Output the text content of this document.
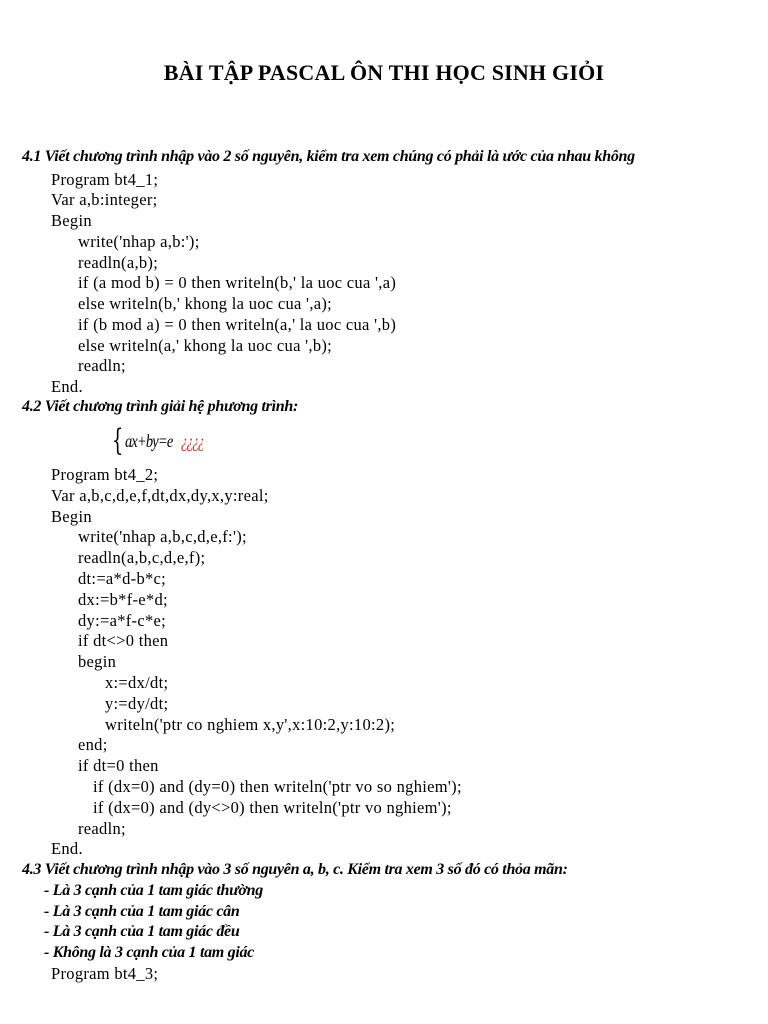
BÀI TẬP PASCAL ÔN THI HỌC SINH GIỎI
4.1 Viết chương trình nhập vào 2 số nguyên, kiểm tra xem chúng có phải là ước của nhau không
Program bt4_1;
Var a,b:integer;
Begin
write('nhap a,b:');
readln(a,b);
if (a mod b) = 0 then writeln(b,' la uoc cua ',a)
else writeln(b,' khong la uoc cua ',a);
if (b mod a) = 0 then writeln(a,' la uoc cua ',b)
else writeln(a,' khong la uoc cua ',b);
readln;
End.
4.2 Viết chương trình giải hệ phương trình:
{ ax+by=e ¿¿¿¿
Program bt4_2;
Var a,b,c,d,e,f,dt,dx,dy,x,y:real;
Begin
write('nhap a,b,c,d,e,f:');
readln(a,b,c,d,e,f);
dt:=a*d-b*c;
dx:=b*f-e*d;
dy:=a*f-c*e;
if dt<>0 then
begin
x:=dx/dt;
y:=dy/dt;
writeln('ptr co nghiem x,y',x:10:2,y:10:2);
end;
if dt=0 then
if (dx=0) and (dy=0) then writeln('ptr vo so nghiem');
if (dx=0) and (dy<>0) then writeln('ptr vo nghiem');
readln;
End.
4.3 Viết chương trình nhập vào 3 số nguyên a, b, c. Kiểm tra xem 3 số đó có thỏa mãn:
- Là 3 cạnh của 1 tam giác thường
- Là 3 cạnh của 1 tam giác cân
- Là 3 cạnh của 1 tam giác đều
- Không là 3 cạnh của 1 tam giác
Program bt4_3;
